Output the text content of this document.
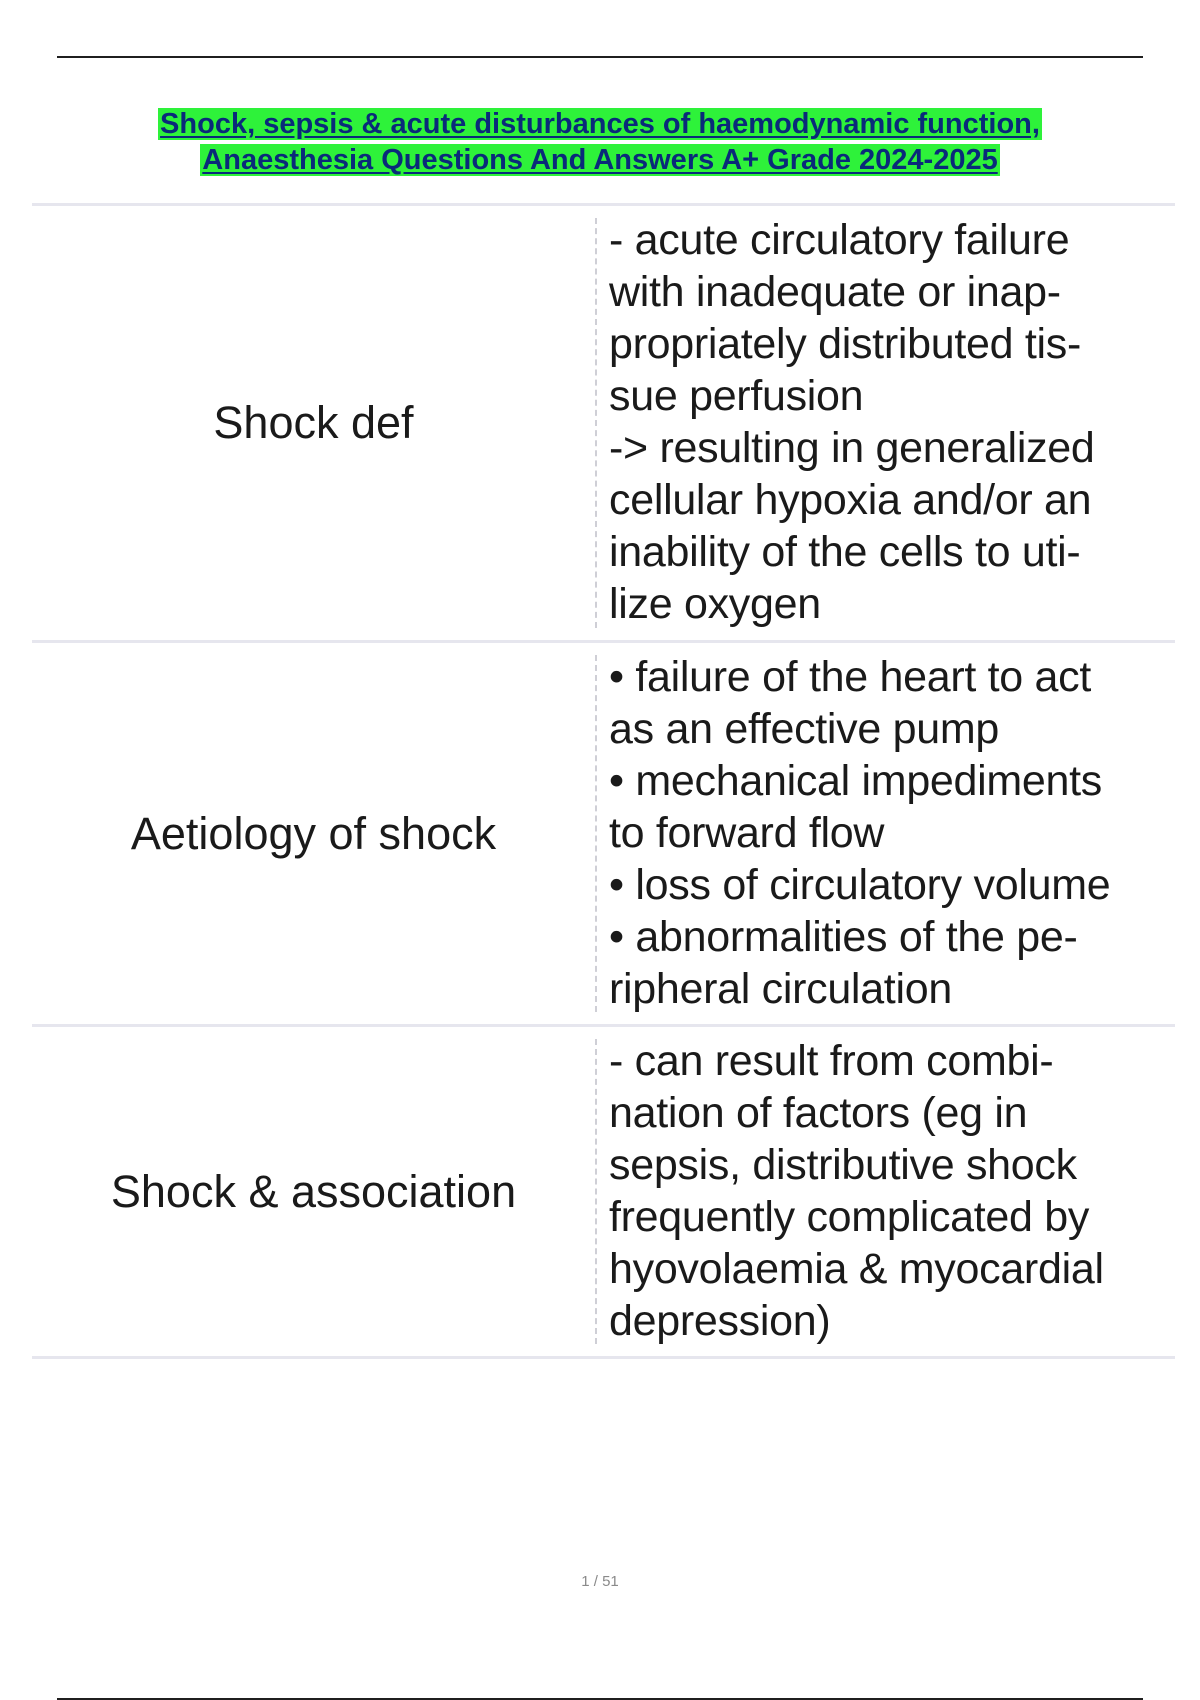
Shock, sepsis & acute disturbances of haemodynamic function,
Anaesthesia Questions And Answers A+ Grade 2024-2025
Shock def
- acute circulatory failure
with inadequate or inap-
propriately distributed tis-
sue perfusion
-> resulting in generalized
cellular hypoxia and/or an
inability of the cells to uti-
lize oxygen
Aetiology of shock
• failure of the heart to act
as an effective pump
• mechanical impediments
to forward flow
• loss of circulatory volume
• abnormalities of the pe-
ripheral circulation
Shock & association
- can result from combi-
nation of factors (eg in
sepsis, distributive shock
frequently complicated by
hyovolaemia & myocardial
depression)
1 / 51
